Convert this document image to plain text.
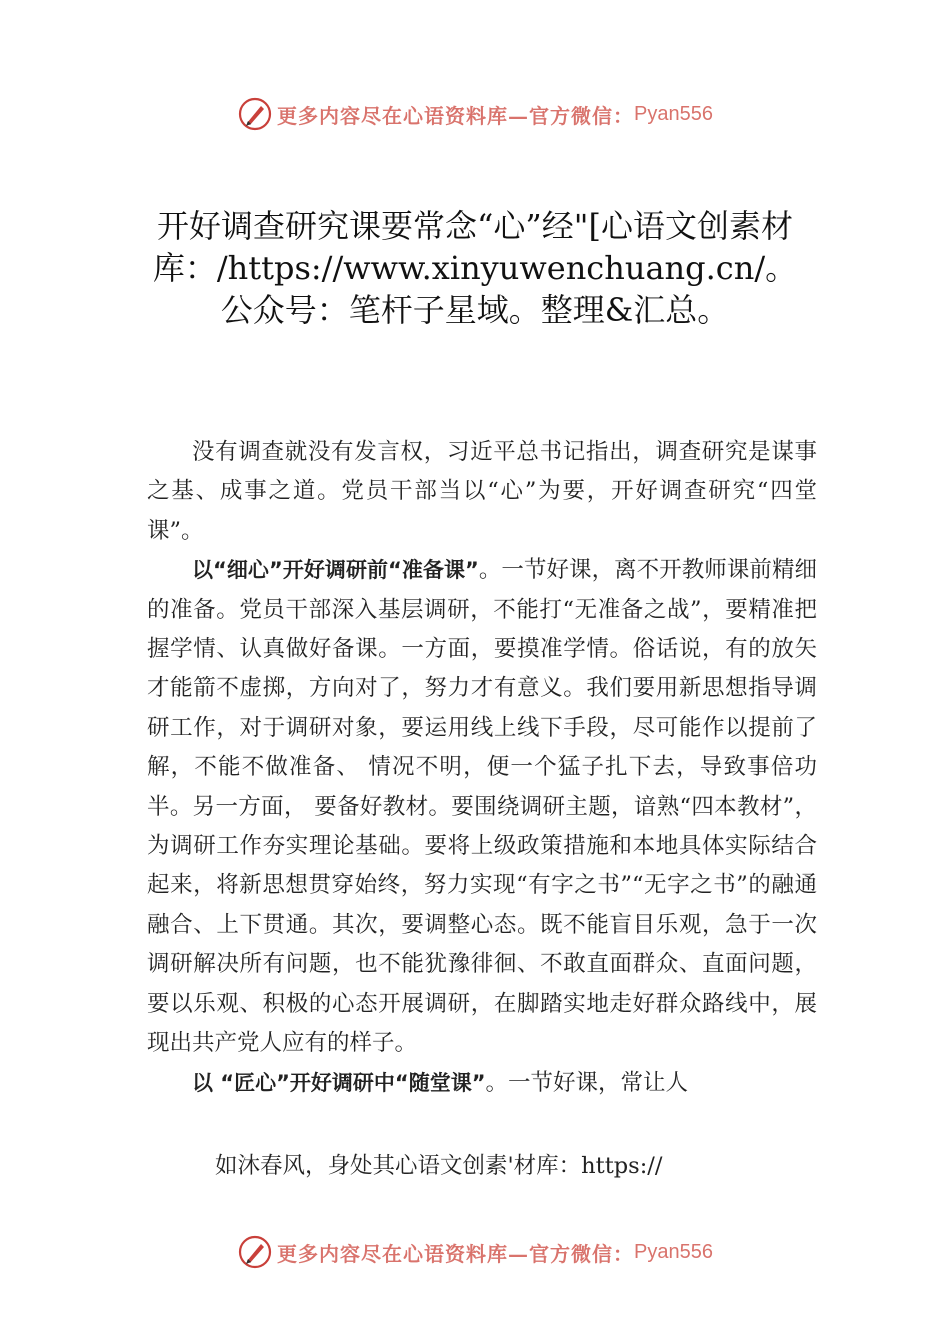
更多内容尽在心语资料库—官方微信： Pyan556
开好调查研究课要常念“心”经"[心语文创素材库：/https://www.xinyuwenchuang.cn/。公众号：笔杆子星域。整理&汇总。

没有调查就没有发言权，习近平总书记指出，调查研究是谋事之基、成事之道。党员干部当以“心”为要，开好调查研究“四堂课”。

以“细心”开好调研前“准备课”。一节好课，离不开教师课前精细的准备。党员干部深入基层调研，不能打“无准备之战”，要精准把握学情、认真做好备课。一方面，要摸准学情。俗话说，有的放矢才能箭不虚掷，方向对了，努力才有意义。我们要用新思想指导调研工作，对于调研对象，要运用线上线下手段，尽可能作以提前了解，不能不做准备、 情况不明，便一个猛子扎下去，导致事倍功半。另一方面， 要备好教材。要围绕调研主题，谙熟“四本教材”，为调研工作夯实理论基础。要将上级政策措施和本地具体实际结合起来，将新思想贯穿始终，努力实现“有字之书”“无字之书”的融通融合、上下贯通。其次，要调整心态。既不能盲目乐观，急于一次调研解决所有问题，也不能犹豫徘徊、不敢直面群众、直面问题，要以乐观、积极的心态开展调研，在脚踏实地走好群众路线中，展现出共产党人应有的样子。

以 “匠心”开好调研中“随堂课”。一节好课，常让人

如沐春风，身处其心语文创素'材库：https://
更多内容尽在心语资料库—官方微信： Pyan556
